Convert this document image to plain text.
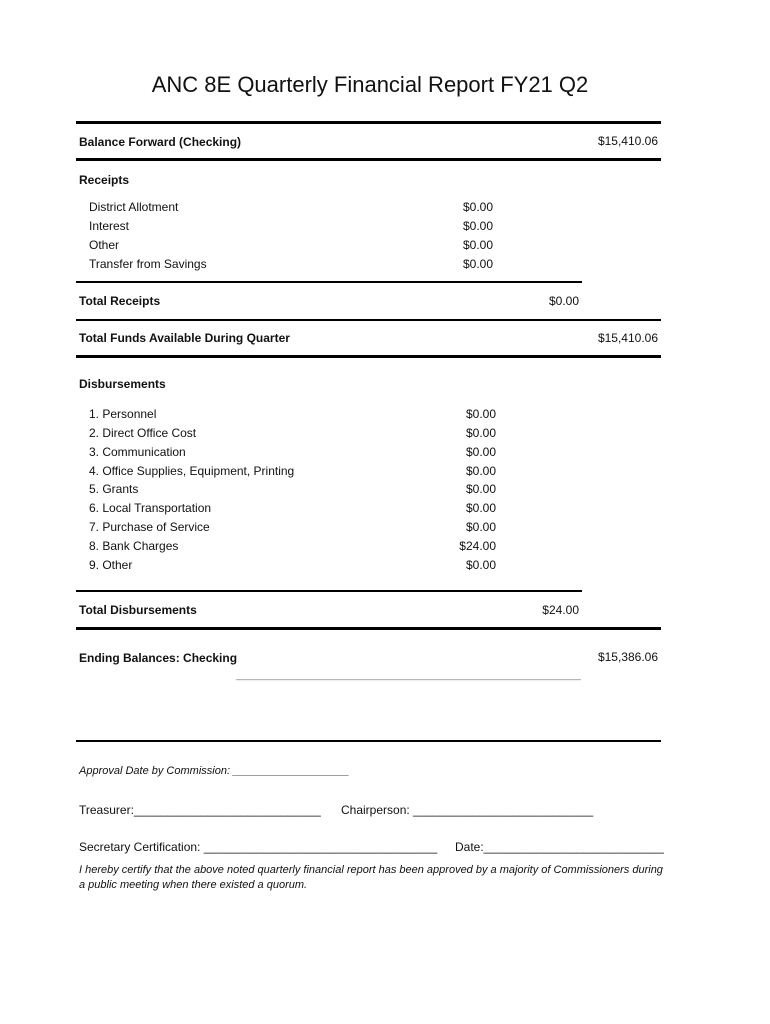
ANC 8E Quarterly Financial Report FY21 Q2
Balance Forward (Checking)	$15,410.06
Receipts
District Allotment	$0.00
Interest	$0.00
Other	$0.00
Transfer from Savings	$0.00
Total Receipts	$0.00
Total Funds Available During Quarter	$15,410.06
Disbursements
1. Personnel	$0.00
2. Direct Office Cost	$0.00
3. Communication	$0.00
4. Office Supplies, Equipment, Printing	$0.00
5. Grants	$0.00
6. Local Transportation	$0.00
7. Purchase of Service	$0.00
8. Bank Charges	$24.00
9. Other	$0.00
Total Disbursements	$24.00
Ending Balances: Checking	$15,386.06
______________________________________________________________
Approval Date by Commission: ___________________
Treasurer:____________________________ Chairperson: ___________________________
Secretary Certification: ___________________________________ Date:___________________________
I hereby certify that the above noted quarterly financial report has been approved by a majority of Commissioners during a public meeting when there existed a quorum.
